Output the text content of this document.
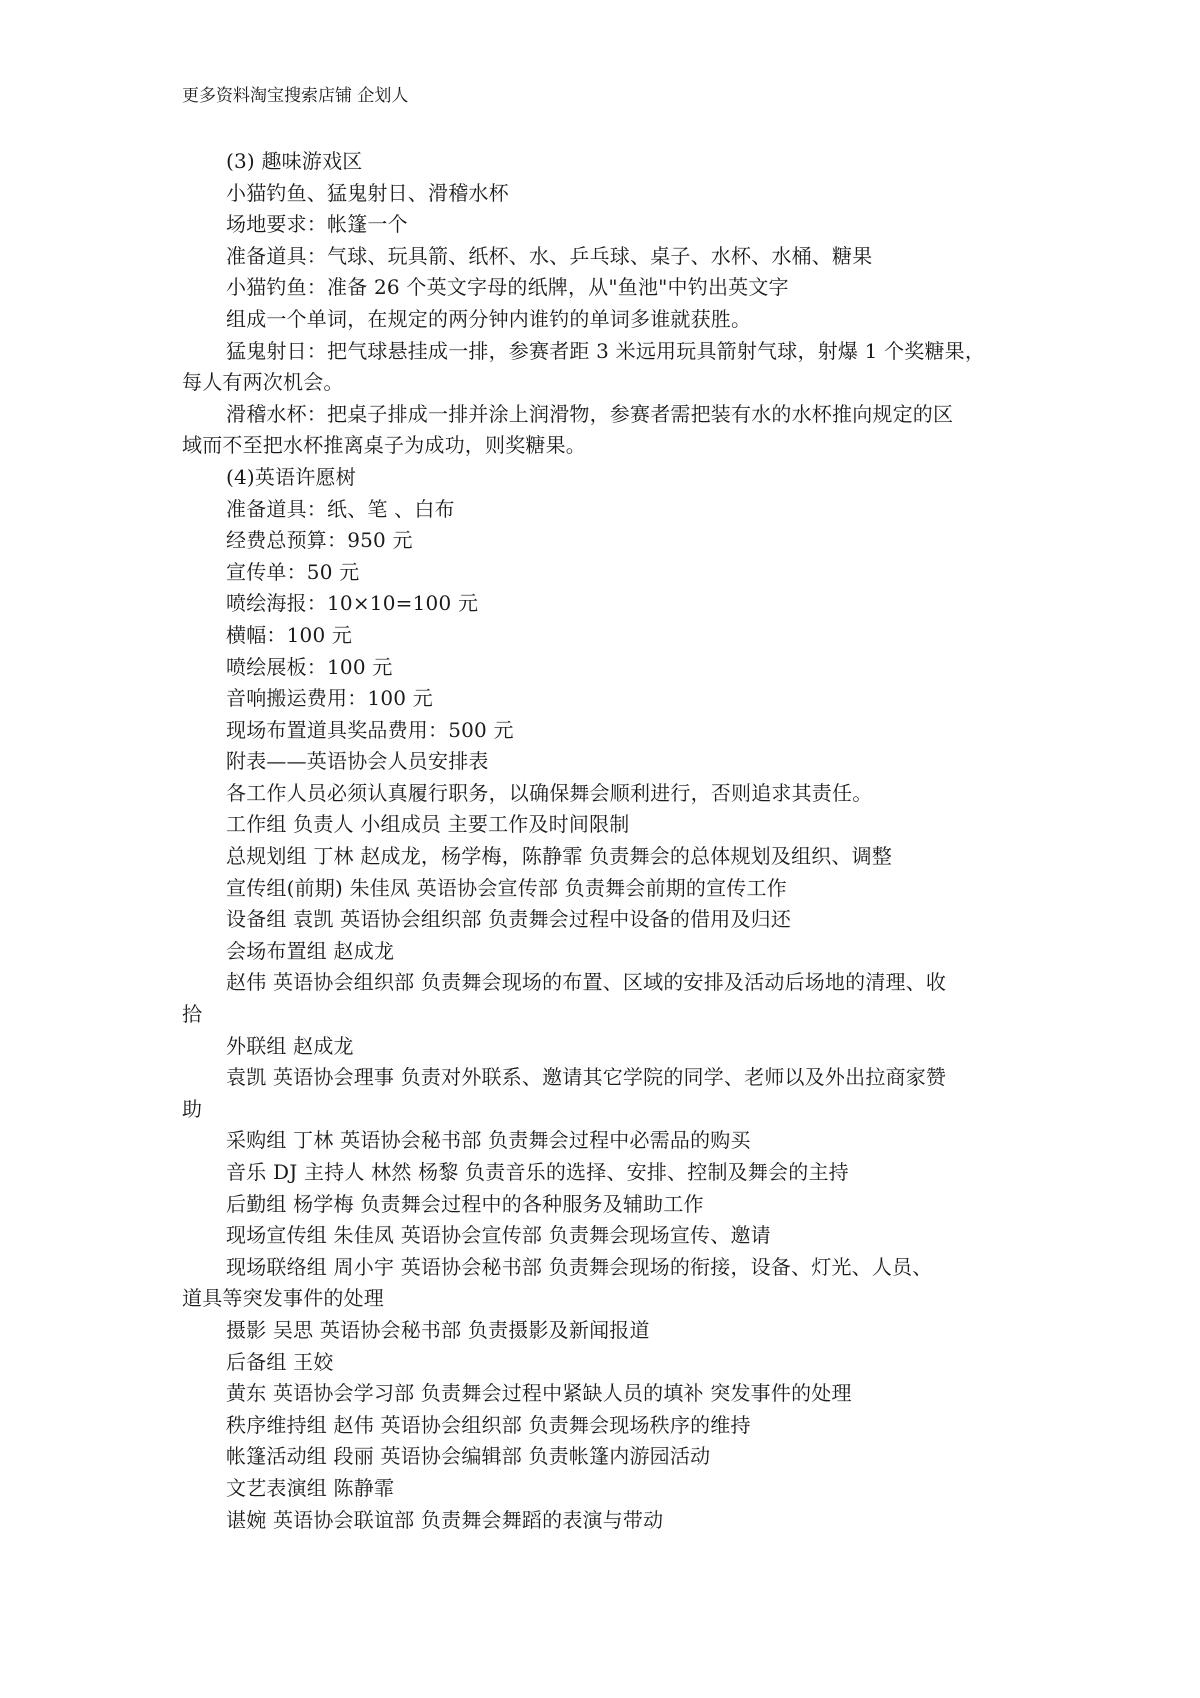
更多资料淘宝搜索店铺 企划人
(3) 趣味游戏区
小猫钓鱼、猛鬼射日、滑稽水杯
场地要求：帐篷一个
准备道具：气球、玩具箭、纸杯、水、乒乓球、桌子、水杯、水桶、糖果
小猫钓鱼：准备 26 个英文字母的纸牌，从"鱼池"中钓出英文字
组成一个单词，在规定的两分钟内谁钓的单词多谁就获胜。
猛鬼射日：把气球悬挂成一排，参赛者距 3 米远用玩具箭射气球，射爆 1 个奖糖果，
每人有两次机会。
滑稽水杯：把桌子排成一排并涂上润滑物，参赛者需把装有水的水杯推向规定的区
域而不至把水杯推离桌子为成功，则奖糖果。
(4)英语许愿树
准备道具：纸、笔 、白布
经费总预算：950 元
宣传单：50 元
喷绘海报：10×10=100 元
横幅：100 元
喷绘展板：100 元
音响搬运费用：100 元
现场布置道具奖品费用：500 元
附表——英语协会人员安排表
各工作人员必须认真履行职务，以确保舞会顺利进行，否则追求其责任。
工作组 负责人 小组成员 主要工作及时间限制
总规划组 丁林 赵成龙，杨学梅，陈静霏 负责舞会的总体规划及组织、调整
宣传组(前期) 朱佳凤 英语协会宣传部 负责舞会前期的宣传工作
设备组 袁凯 英语协会组织部 负责舞会过程中设备的借用及归还
会场布置组 赵成龙
赵伟 英语协会组织部 负责舞会现场的布置、区域的安排及活动后场地的清理、收
拾
外联组 赵成龙
袁凯 英语协会理事 负责对外联系、邀请其它学院的同学、老师以及外出拉商家赞
助
采购组 丁林 英语协会秘书部 负责舞会过程中必需品的购买
音乐 DJ 主持人 林然 杨黎 负责音乐的选择、安排、控制及舞会的主持
后勤组 杨学梅 负责舞会过程中的各种服务及辅助工作
现场宣传组 朱佳凤 英语协会宣传部 负责舞会现场宣传、邀请
现场联络组 周小宇 英语协会秘书部 负责舞会现场的衔接，设备、灯光、人员、
道具等突发事件的处理
摄影 吴思 英语协会秘书部 负责摄影及新闻报道
后备组 王姣
黄东 英语协会学习部 负责舞会过程中紧缺人员的填补 突发事件的处理
秩序维持组 赵伟 英语协会组织部 负责舞会现场秩序的维持
帐篷活动组 段丽 英语协会编辑部 负责帐篷内游园活动
文艺表演组 陈静霏
谌婉 英语协会联谊部 负责舞会舞蹈的表演与带动
